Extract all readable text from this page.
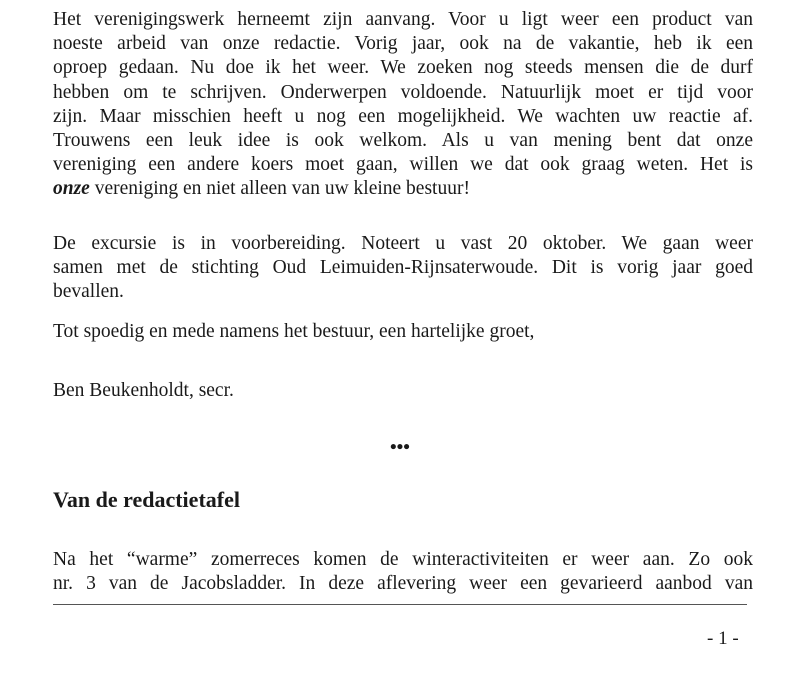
Het verenigingswerk herneemt zijn aanvang. Voor u ligt weer een product van
noeste arbeid van onze redactie. Vorig jaar, ook na de vakantie, heb ik een
oproep gedaan. Nu doe ik het weer. We zoeken nog steeds mensen die de durf
hebben om te schrijven. Onderwerpen voldoende. Natuurlijk moet er tijd voor
zijn. Maar misschien heeft u nog een mogelijkheid. We wachten uw reactie af.
Trouwens een leuk idee is ook welkom. Als u van mening bent dat onze
vereniging een andere koers moet gaan, willen we dat ook graag weten. Het is
onze vereniging en niet alleen van uw kleine bestuur!
De excursie is in voorbereiding. Noteert u vast 20 oktober. We gaan weer
samen met de stichting Oud Leimuiden-Rijnsaterwoude. Dit is vorig jaar goed
bevallen.
Tot spoedig en mede namens het bestuur, een hartelijke groet,
Ben Beukenholdt, secr.
•••
Van de redactietafel
Na het “warme” zomerreces komen de winteractiviteiten er weer aan. Zo ook
nr. 3 van de Jacobsladder. In deze aflevering weer een gevarieerd aanbod van
- 1 -
